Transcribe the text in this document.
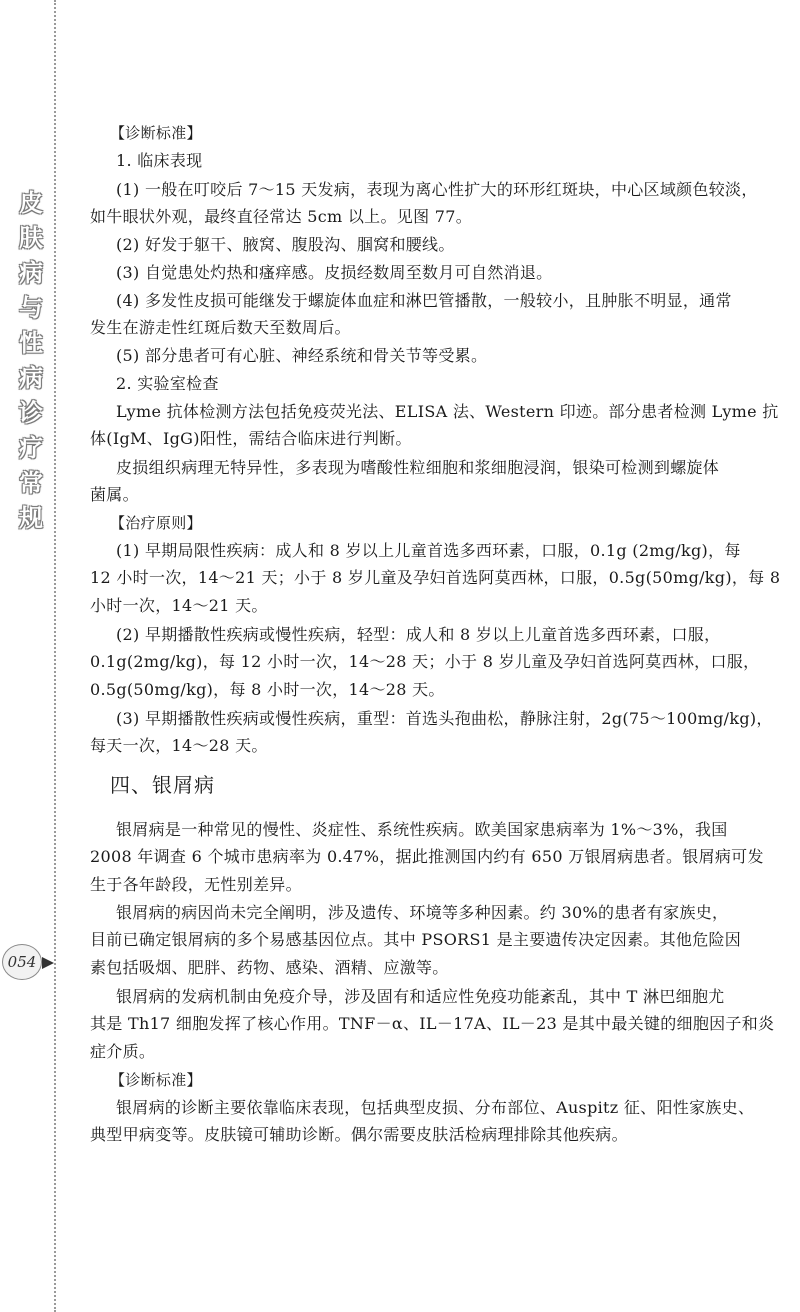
皮
肤
病
与
性
病
诊
疗
常
规
054
【诊断标准】
1. 临床表现
(1) 一般在叮咬后 7～15 天发病，表现为离心性扩大的环形红斑块，中心区域颜色较淡，
如牛眼状外观，最终直径常达 5cm 以上。见图 77。
(2) 好发于躯干、腋窝、腹股沟、腘窝和腰线。
(3) 自觉患处灼热和瘙痒感。皮损经数周至数月可自然消退。
(4) 多发性皮损可能继发于螺旋体血症和淋巴管播散，一般较小，且肿胀不明显，通常
发生在游走性红斑后数天至数周后。
(5) 部分患者可有心脏、神经系统和骨关节等受累。
2. 实验室检查
Lyme 抗体检测方法包括免疫荧光法、ELISA 法、Western 印迹。部分患者检测 Lyme 抗
体(IgM、IgG)阳性，需结合临床进行判断。
皮损组织病理无特异性，多表现为嗜酸性粒细胞和浆细胞浸润，银染可检测到螺旋体
菌属。
【治疗原则】
(1) 早期局限性疾病：成人和 8 岁以上儿童首选多西环素，口服，0.1g (2mg/kg)，每
12 小时一次，14～21 天；小于 8 岁儿童及孕妇首选阿莫西林，口服，0.5g(50mg/kg)，每 8
小时一次，14～21 天。
(2) 早期播散性疾病或慢性疾病，轻型：成人和 8 岁以上儿童首选多西环素，口服，
0.1g(2mg/kg)，每 12 小时一次，14～28 天；小于 8 岁儿童及孕妇首选阿莫西林，口服，
0.5g(50mg/kg)，每 8 小时一次，14～28 天。
(3) 早期播散性疾病或慢性疾病，重型：首选头孢曲松，静脉注射，2g(75～100mg/kg)，
每天一次，14～28 天。
四、银屑病
银屑病是一种常见的慢性、炎症性、系统性疾病。欧美国家患病率为 1%～3%，我国
2008 年调查 6 个城市患病率为 0.47%，据此推测国内约有 650 万银屑病患者。银屑病可发
生于各年龄段，无性别差异。
银屑病的病因尚未完全阐明，涉及遗传、环境等多种因素。约 30%的患者有家族史，
目前已确定银屑病的多个易感基因位点。其中 PSORS1 是主要遗传决定因素。其他危险因
素包括吸烟、肥胖、药物、感染、酒精、应激等。
银屑病的发病机制由免疫介导，涉及固有和适应性免疫功能紊乱，其中 T 淋巴细胞尤
其是 Th17 细胞发挥了核心作用。TNF－α、IL－17A、IL－23 是其中最关键的细胞因子和炎
症介质。
【诊断标准】
银屑病的诊断主要依靠临床表现，包括典型皮损、分布部位、Auspitz 征、阳性家族史、
典型甲病变等。皮肤镜可辅助诊断。偶尔需要皮肤活检病理排除其他疾病。
